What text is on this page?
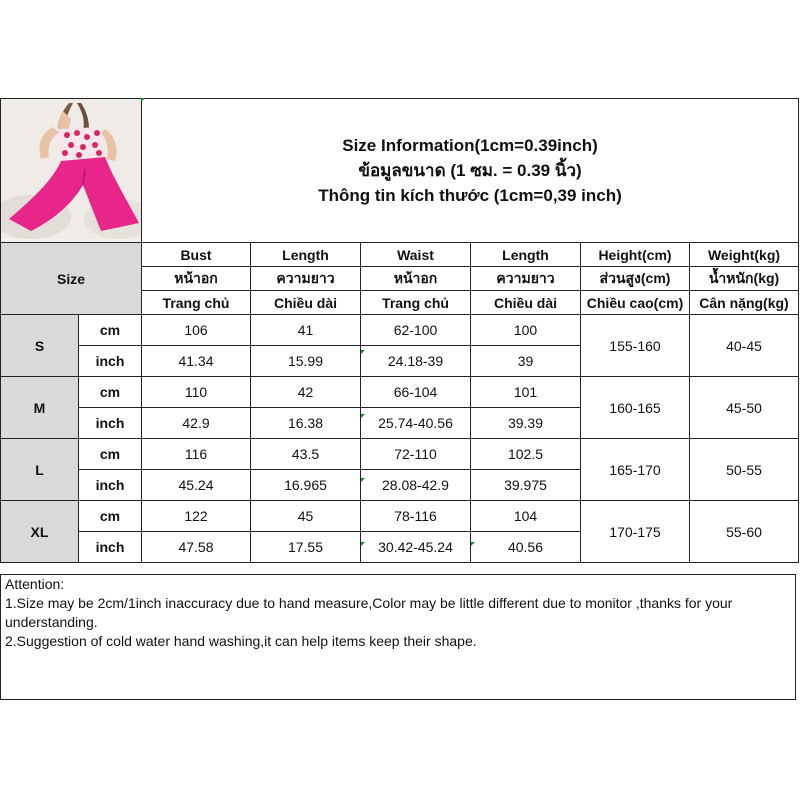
Size Information(1cm=0.39inch)
ข้อมูลขนาด (1 ซม. = 0.39 นิ้ว)
Thông tin kích thước (1cm=0,39 inch)					

Size		Bust	Length	Waist	Length	Height(cm)	Weight(kg)
		หน้าอก	ความยาว	หน้าอก	ความยาว	ส่วนสูง(cm)	น้ำหนัก(kg)
		Trang chủ	Chiều dài	Trang chủ	Chiều dài	Chiều cao(cm)	Cân nặng(kg)
S	cm	106	41	62-100	100	155-160	40-45
	inch	41.34	15.99	24.18-39	39		
M	cm	110	42	66-104	101	160-165	45-50
	inch	42.9	16.38	25.74-40.56	39.39		
L	cm	116	43.5	72-110	102.5	165-170	50-55
	inch	45.24	16.965	28.08-42.9	39.975		
XL	cm	122	45	78-116	104	170-175	55-60
	inch	47.58	17.55	30.42-45.24	40.56		
Attention:
1.Size may be 2cm/1inch inaccuracy due to hand measure,Color may be little different due to monitor ,thanks for your understanding.
2.Suggestion of cold water hand washing,it can help items keep their shape.
